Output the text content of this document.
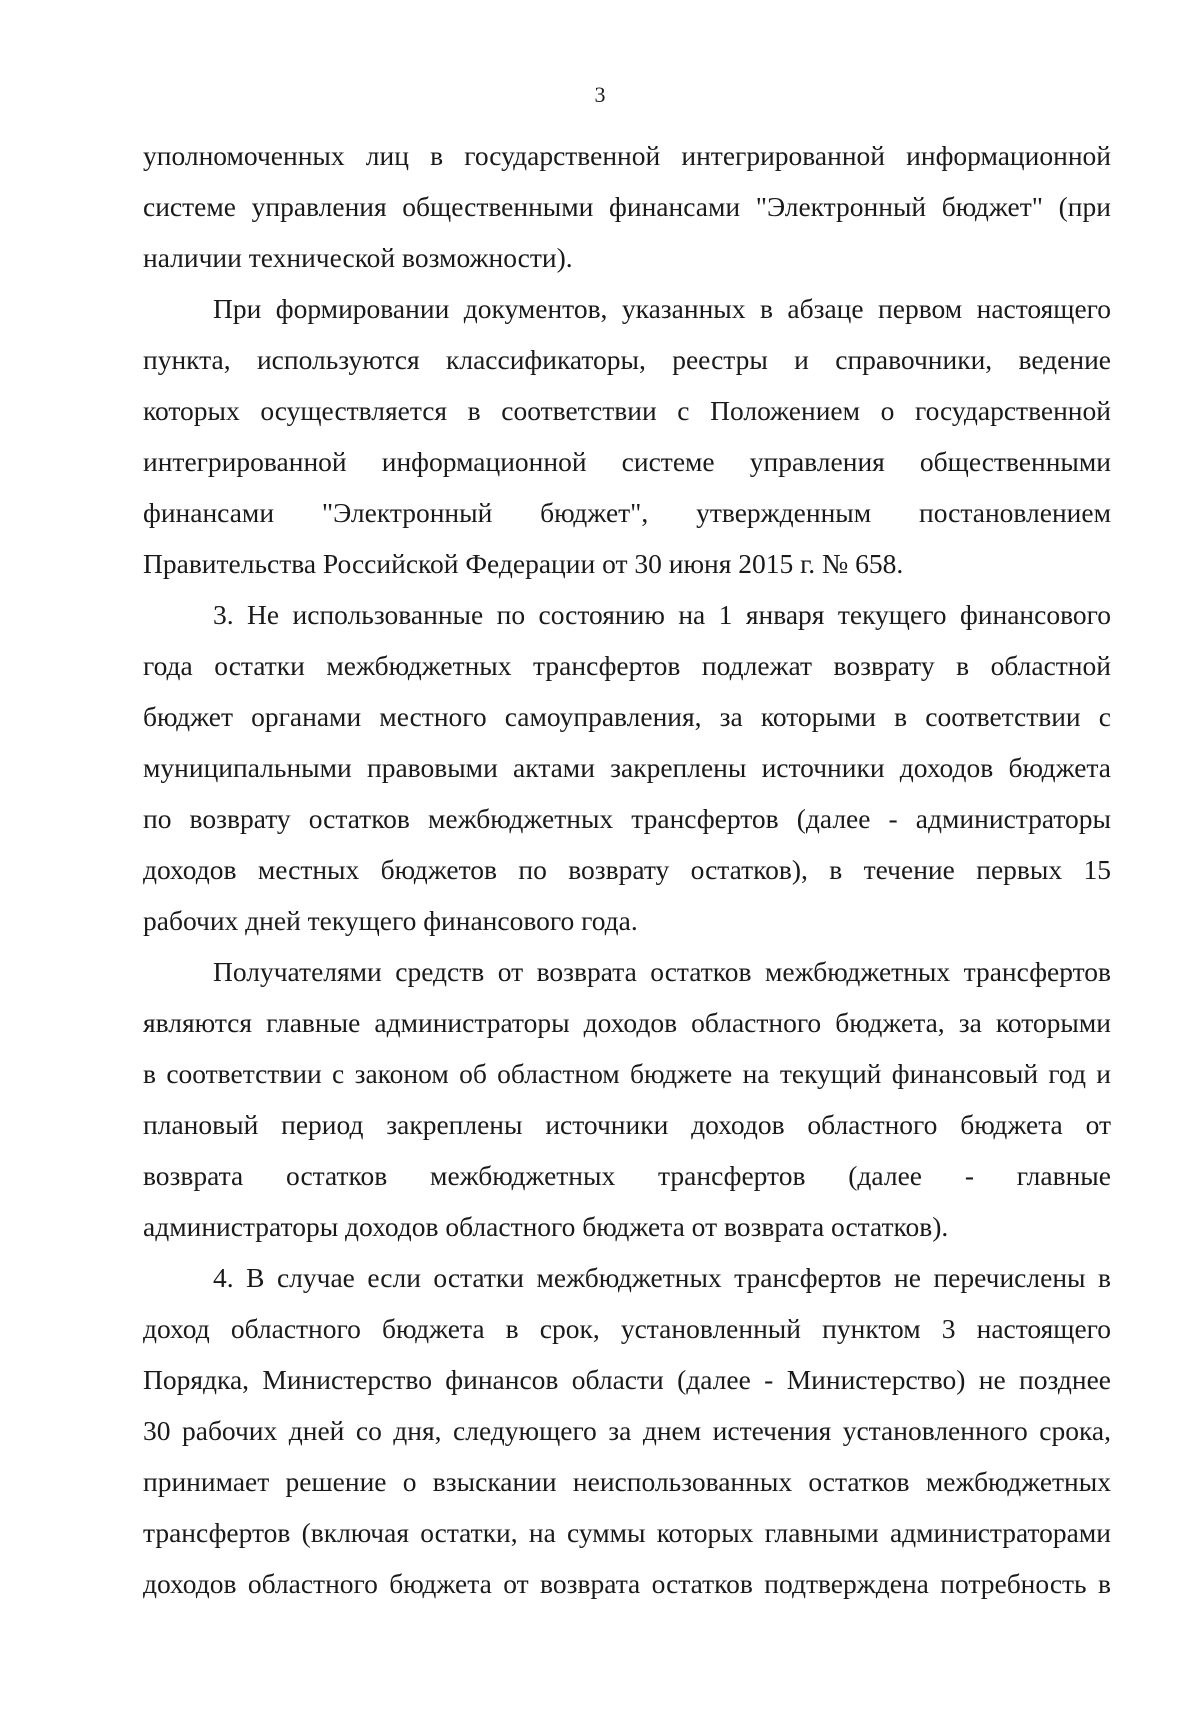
3
уполномоченных лиц в государственной интегрированной информационной
системе управления общественными финансами "Электронный бюджет" (при
наличии технической возможности).
При формировании документов, указанных в абзаце первом настоящего
пункта, используются классификаторы, реестры и справочники, ведение
которых осуществляется в соответствии с Положением о государственной
интегрированной информационной системе управления общественными
финансами "Электронный бюджет", утвержденным постановлением
Правительства Российской Федерации от 30 июня 2015 г. № 658.
3. Не использованные по состоянию на 1 января текущего финансового
года остатки межбюджетных трансфертов подлежат возврату в областной
бюджет органами местного самоуправления, за которыми в соответствии с
муниципальными правовыми актами закреплены источники доходов бюджета
по возврату остатков межбюджетных трансфертов (далее - администраторы
доходов местных бюджетов по возврату остатков), в течение первых 15
рабочих дней текущего финансового года.
Получателями средств от возврата остатков межбюджетных трансфертов
являются главные администраторы доходов областного бюджета, за которыми
в соответствии с законом об областном бюджете на текущий финансовый год и
плановый период закреплены источники доходов областного бюджета от
возврата остатков межбюджетных трансфертов (далее - главные
администраторы доходов областного бюджета от возврата остатков).
4. В случае если остатки межбюджетных трансфертов не перечислены в
доход областного бюджета в срок, установленный пунктом 3 настоящего
Порядка, Министерство финансов области (далее - Министерство) не позднее
30 рабочих дней со дня, следующего за днем истечения установленного срока,
принимает решение о взыскании неиспользованных остатков межбюджетных
трансфертов (включая остатки, на суммы которых главными администраторами
доходов областного бюджета от возврата остатков подтверждена потребность в
